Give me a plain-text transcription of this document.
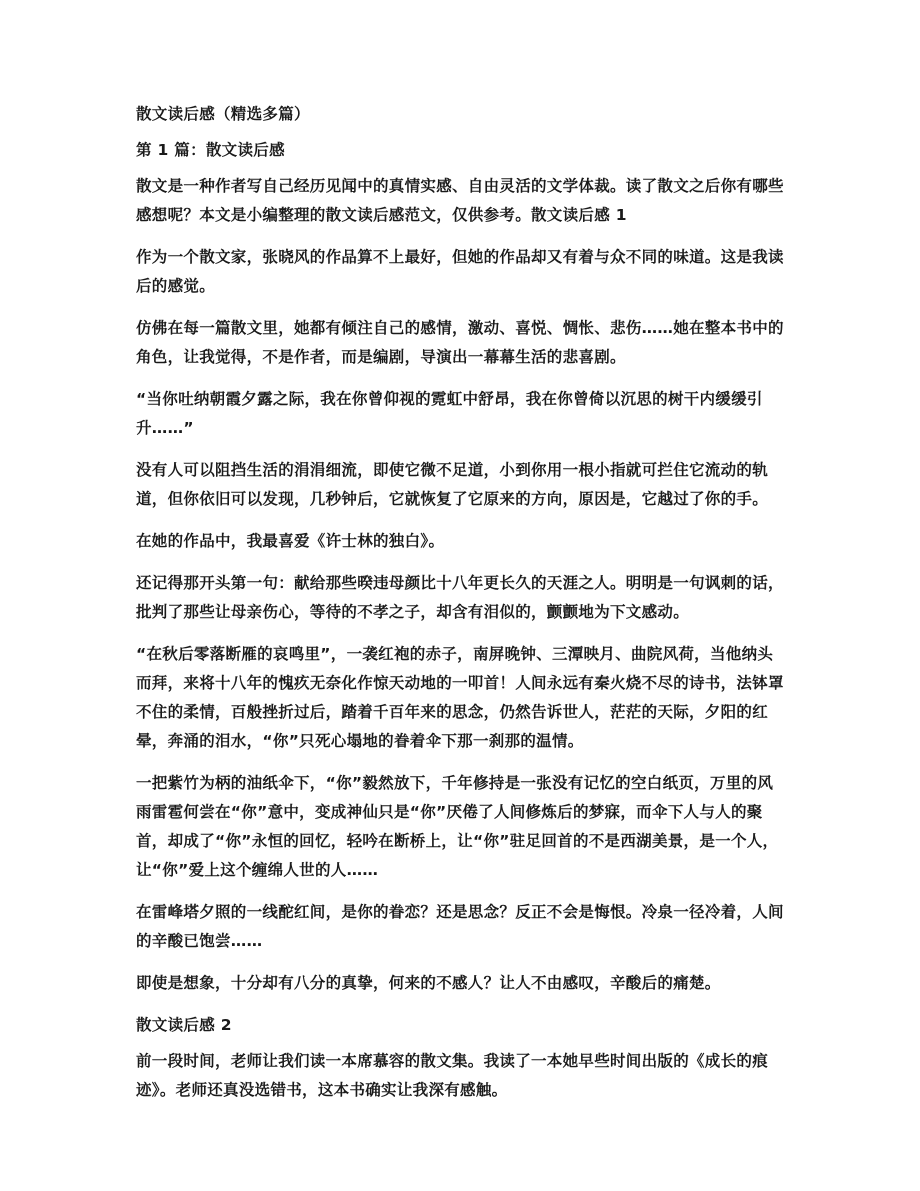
散文读后感（精选多篇）

第 1 篇：散文读后感

散文是一种作者写自己经历见闻中的真情实感、自由灵活的文学体裁。读了散文之后你有哪些感想呢？本文是小编整理的散文读后感范文，仅供参考。散文读后感 1

作为一个散文家，张晓风的作品算不上最好，但她的作品却又有着与众不同的味道。这是我读后的感觉。

仿佛在每一篇散文里，她都有倾注自己的感情，激动、喜悦、惆怅、悲伤……她在整本书中的角色，让我觉得，不是作者，而是编剧，导演出一幕幕生活的悲喜剧。

“当你吐纳朝霞夕露之际，我在你曾仰视的霓虹中舒昂，我在你曾倚以沉思的树干内缓缓引升……”

没有人可以阻挡生活的涓涓细流，即使它微不足道，小到你用一根小指就可拦住它流动的轨道，但你依旧可以发现，几秒钟后，它就恢复了它原来的方向，原因是，它越过了你的手。

在她的作品中，我最喜爱《许士林的独白》。

还记得那开头第一句：献给那些暌违母颜比十八年更长久的天涯之人。明明是一句讽刺的话，批判了那些让母亲伤心，等待的不孝之子，却含有泪似的，颤颤地为下文感动。

“在秋后零落断雁的哀鸣里”，一袭红袍的赤子，南屏晚钟、三潭映月、曲院风荷，当他纳头而拜，来将十八年的愧疚无奈化作惊天动地的一叩首！人间永远有秦火烧不尽的诗书，法钵罩不住的柔情，百般挫折过后，踏着千百年来的思念，仍然告诉世人，茫茫的天际，夕阳的红晕，奔涌的泪水，“你”只死心塌地的眷着伞下那一刹那的温情。

一把紫竹为柄的油纸伞下，“你”毅然放下，千年修持是一张没有记忆的空白纸页，万里的风雨雷雹何尝在“你”意中，变成神仙只是“你”厌倦了人间修炼后的梦寐，而伞下人与人的聚首，却成了“你”永恒的回忆，轻吟在断桥上，让“你”驻足回首的不是西湖美景，是一个人，让“你”爱上这个缠绵人世的人……

在雷峰塔夕照的一线酡红间，是你的眷恋？还是思念？反正不会是悔恨。冷泉一径冷着，人间的辛酸已饱尝……

即使是想象，十分却有八分的真挚，何来的不感人？让人不由感叹，辛酸后的痛楚。

散文读后感 2

前一段时间，老师让我们读一本席慕容的散文集。我读了一本她早些时间出版的《成长的痕迹》。老师还真没选错书，这本书确实让我深有感触。
